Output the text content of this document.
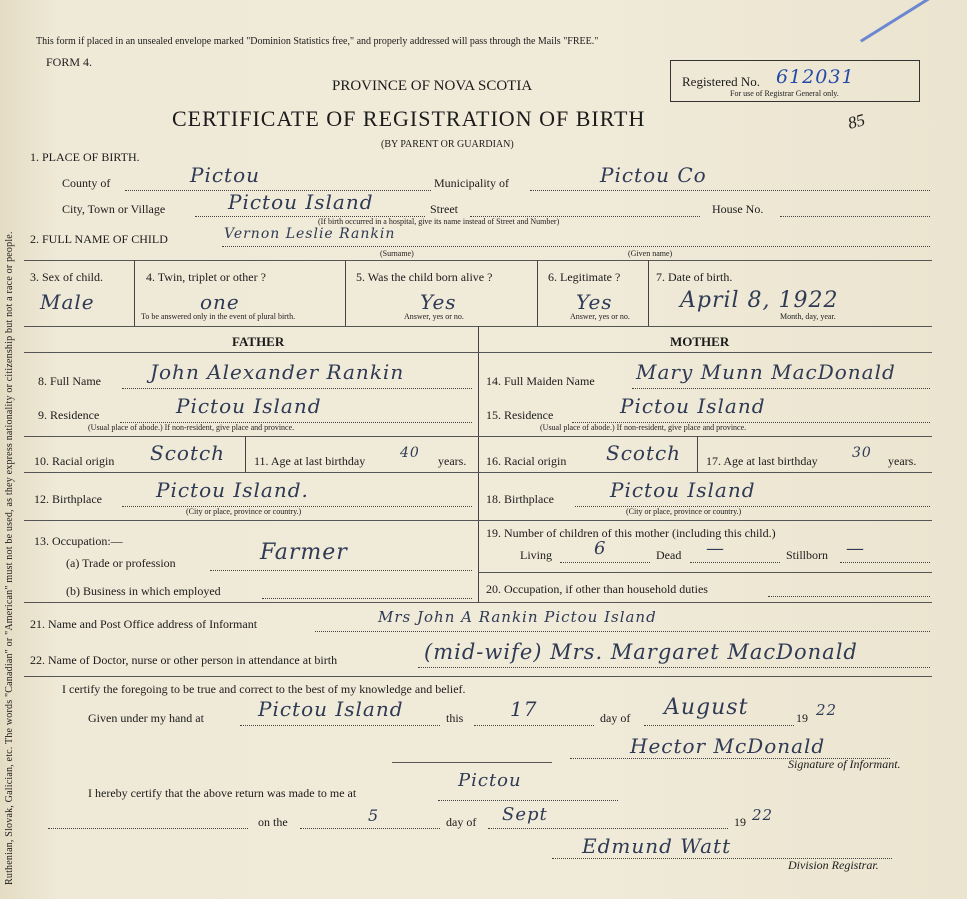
Ruthenian, Slovak, Galician, etc. The words "Canadian" or "American" must not be used, as they express nationality or citizenship but not a race or people.
This form if placed in an unsealed envelope marked "Dominion Statistics free," and properly addressed will pass through the Mails "FREE."
FORM 4.
Registered No. 612031
For use of Registrar General only.
85
PROVINCE OF NOVA SCOTIA
CERTIFICATE OF REGISTRATION OF BIRTH
(BY PARENT OR GUARDIAN)
1. PLACE OF BIRTH.
County of	Pictou	Municipality of	Pictou Co
City, Town or Village	Pictou Island	Street	House No.
(If birth occurred in a hospital, give its name instead of Street and Number)
2. FULL NAME OF CHILD	Vernon Leslie Rankin
(Surname)	(Given name)
3. Sex of child.
Male
4. Twin, triplet or other ?
one
To be answered only in the event of plural birth.
5. Was the child born alive ?
Yes
Answer, yes or no.
6. Legitimate ?
Yes
Answer, yes or no.
7. Date of birth.
April 8, 1922
Month, day, year.
FATHER	MOTHER
8. Full Name John Alexander Rankin
9. Residence	Pictou Island
(Usual place of abode.) If non-resident, give place and province.
10. Racial origin Scotch 11. Age at last birthday 40 years.
12. Birthplace	Pictou Island.
(City or place, province or country.)
13. Occupation:—
(a) Trade or profession	Farmer
(b) Business in which employed
14. Full Maiden Name Mary Munn MacDonald
15. Residence	Pictou Island
(Usual place of abode.) If non-resident, give place and province.
16. Racial origin Scotch 17. Age at last birthday 30 years.
18. Birthplace	Pictou Island
(City or place, province or country.)
19. Number of children of this mother (including this child.)
Living 6	Dead —	Stillborn —
20. Occupation, if other than household duties
21. Name and Post Office address of Informant	Mrs John A Rankin Pictou Island
22. Name of Doctor, nurse or other person in attendance at birth	(mid-wife) Mrs. Margaret MacDonald
I certify the foregoing to be true and correct to the best of my knowledge and belief.
Given under my hand at	Pictou Island	this 17	day of August	19 22
Hector McDonald
Signature of Informant.
I hereby certify that the above return was made to me at
Pictou
on the	5	day of Sept	19 22
Edmund Watt
Division Registrar.
